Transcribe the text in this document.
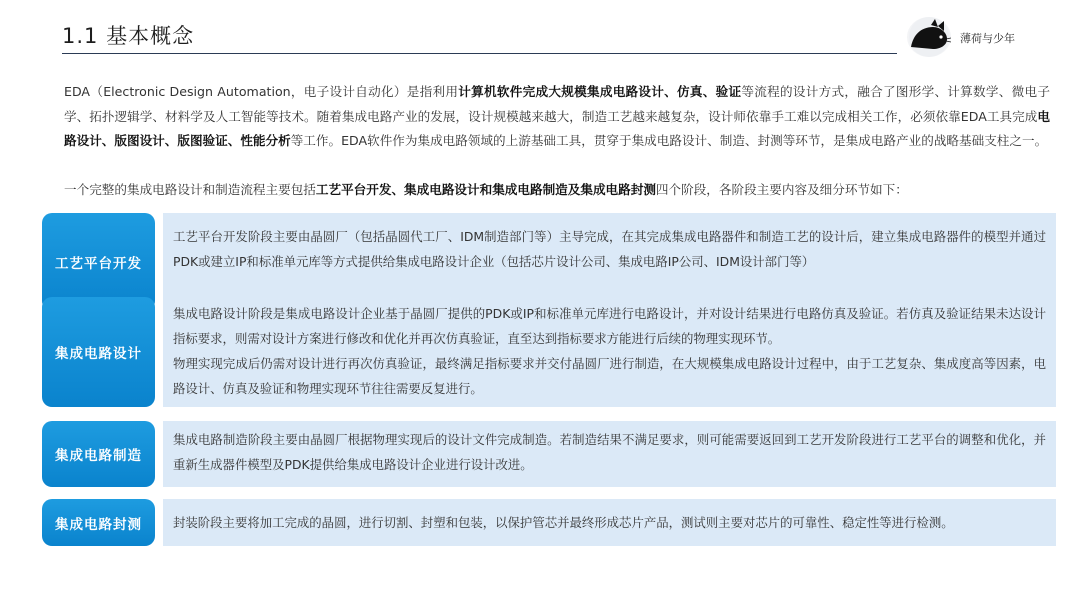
1.1 基本概念	薄荷与少年
EDA（Electronic Design Automation，电子设计自动化）是指利用计算机软件完成大规模集成电路设计、仿真、验证等流程的设计方式，融合了图形学、计算数学、微电子学、拓扑逻辑学、材料学及人工智能等技术。随着集成电路产业的发展，设计规模越来越大，制造工艺越来越复杂，设计师依靠手工难以完成相关工作，必须依靠EDA工具完成电路设计、版图设计、版图验证、性能分析等工作。EDA软件作为集成电路领域的上游基础工具，贯穿于集成电路设计、制造、封测等环节，是集成电路产业的战略基础支柱之一。
一个完整的集成电路设计和制造流程主要包括工艺平台开发、集成电路设计和集成电路制造及集成电路封测四个阶段，各阶段主要内容及细分环节如下：
工艺平台开发

工艺平台开发阶段主要由晶圆厂（包括晶圆代工厂、IDM制造部门等）主导完成，在其完成集成电路器件和制造工艺的设计后，建立集成电路器件的模型并通过PDK或建立IP和标准单元库等方式提供给集成电路设计企业（包括芯片设计公司、集成电路IP公司、IDM设计部门等）

集成电路设计

集成电路设计阶段是集成电路设计企业基于晶圆厂提供的PDK或IP和标准单元库进行电路设计，并对设计结果进行电路仿真及验证。若仿真及验证结果未达设计指标要求，则需对设计方案进行修改和优化并再次仿真验证，直至达到指标要求方能进行后续的物理实现环节。

物理实现完成后仍需对设计进行再次仿真验证，最终满足指标要求并交付晶圆厂进行制造，在大规模集成电路设计过程中，由于工艺复杂、集成度高等因素，电路设计、仿真及验证和物理实现环节往往需要反复进行。

集成电路制造

集成电路制造阶段主要由晶圆厂根据物理实现后的设计文件完成制造。若制造结果不满足要求，则可能需要返回到工艺开发阶段进行工艺平台的调整和优化，并重新生成器件模型及PDK提供给集成电路设计企业进行设计改进。

集成电路封测	封装阶段主要将加工完成的晶圆，进行切割、封塑和包装，以保护管芯并最终形成芯片产品，测试则主要对芯片的可靠性、稳定性等进行检测。
